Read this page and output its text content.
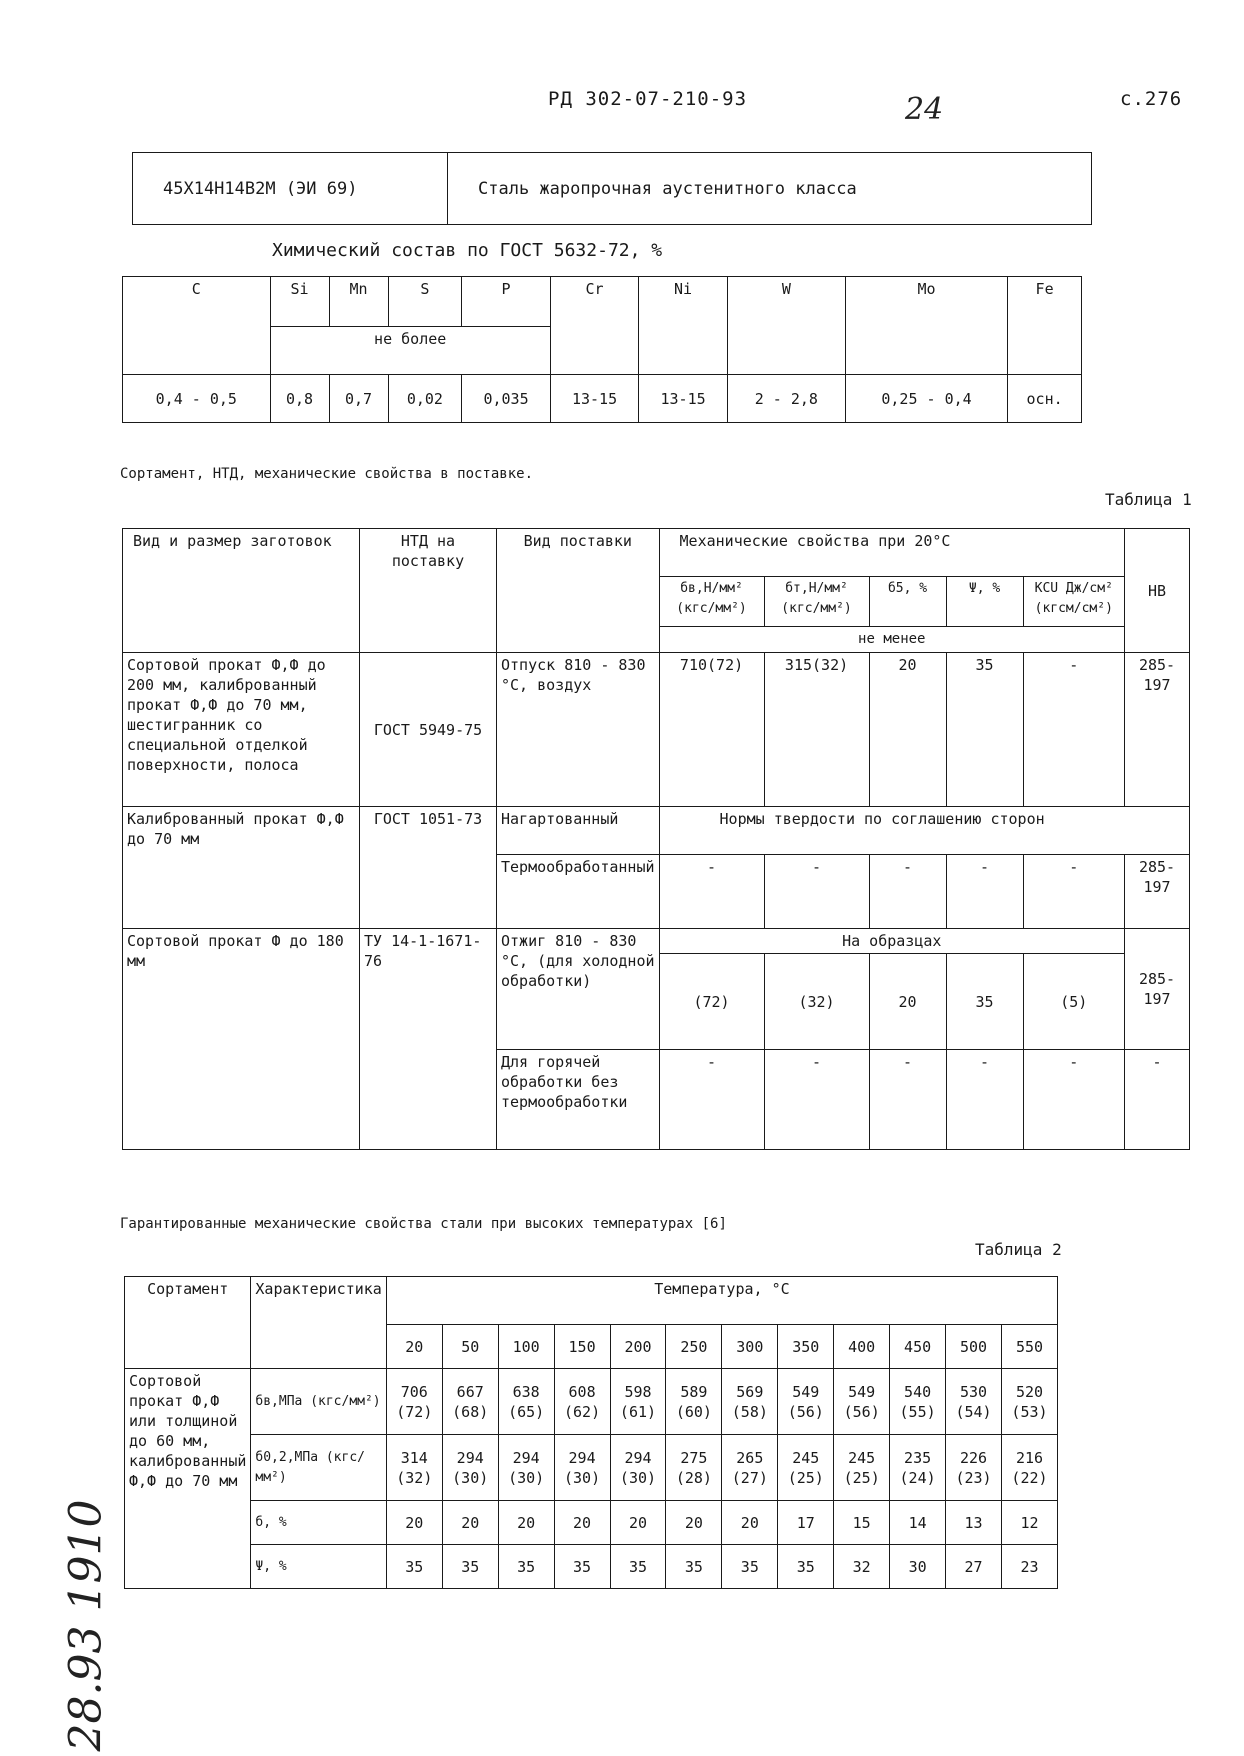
РД 302-07-210-93	24	с.276
45Х14Н14В2М (ЭИ 69)	Сталь жаропрочная аустенитного класса
Химический состав по ГОСТ 5632-72, %
C	Si	Mn	S	P	Cr	Ni	W	Mo	Fe
	не более								
0,4 - 0,5	0,8	0,7	0,02	0,035	13-15	13-15	2 - 2,8	0,25 - 0,4	осн.
Сортамент, НТД, механические свойства в поставке.
Таблица 1
Вид и размер заготовок	НТД на поставку	Вид поставки	Механические свойства при 20°С					НВ
			бв,Н/мм² (кгс/мм²)	бт,Н/мм² (кгс/мм²)	б5, %	Ψ, %	KCU Дж/см² (кгсм/см²)	
			не менее					
Сортовой прокат Ф,Ф до 200 мм, калиброванный прокат Ф,Ф до 70 мм, шестигранник со специальной отделкой поверхности, полоса	ГОСТ 5949-75	Отпуск 810 - 830 °С, воздух	710(72)	315(32)	20	35	-	285-197
Калиброванный прокат Ф,Ф до 70 мм	ГОСТ 1051-73	Нагартованный	Нормы твердости по соглашению сторон					
		Термообработанный	-	-	-	-	-	285-197
Сортовой прокат Ф до 180 мм	ТУ 14-1-1671-76	Отжиг 810 - 830 °С, (для холодной обработки)	На образцах					285-197
			(72)	(32)	20	35	(5)	
		Для горячей обработки без термообработки	-	-	-	-	-	-
Гарантированные механические свойства стали при высоких температурах [6]
Таблица 2
Сортамент	Характеристика	Температура, °С											
		20	50	100	150	200	250	300	350	400	450	500	550
Сортовой прокат Ф,Ф или толщиной до 60 мм, калиброванный Ф,Ф до 70 мм	бв,МПа (кгс/мм²)	706 (72)	667 (68)	638 (65)	608 (62)	598 (61)	589 (60)	569 (58)	549 (56)	549 (56)	540 (55)	530 (54)	520 (53)
	б0,2,МПа (кгс/мм²)	314 (32)	294 (30)	294 (30)	294 (30)	294 (30)	275 (28)	265 (27)	245 (25)	245 (25)	235 (24)	226 (23)	216 (22)
	б, %	20	20	20	20	20	20	20	17	15	14	13	12
	Ψ, %	35	35	35	35	35	35	35	35	32	30	27	23
28.93 1910
